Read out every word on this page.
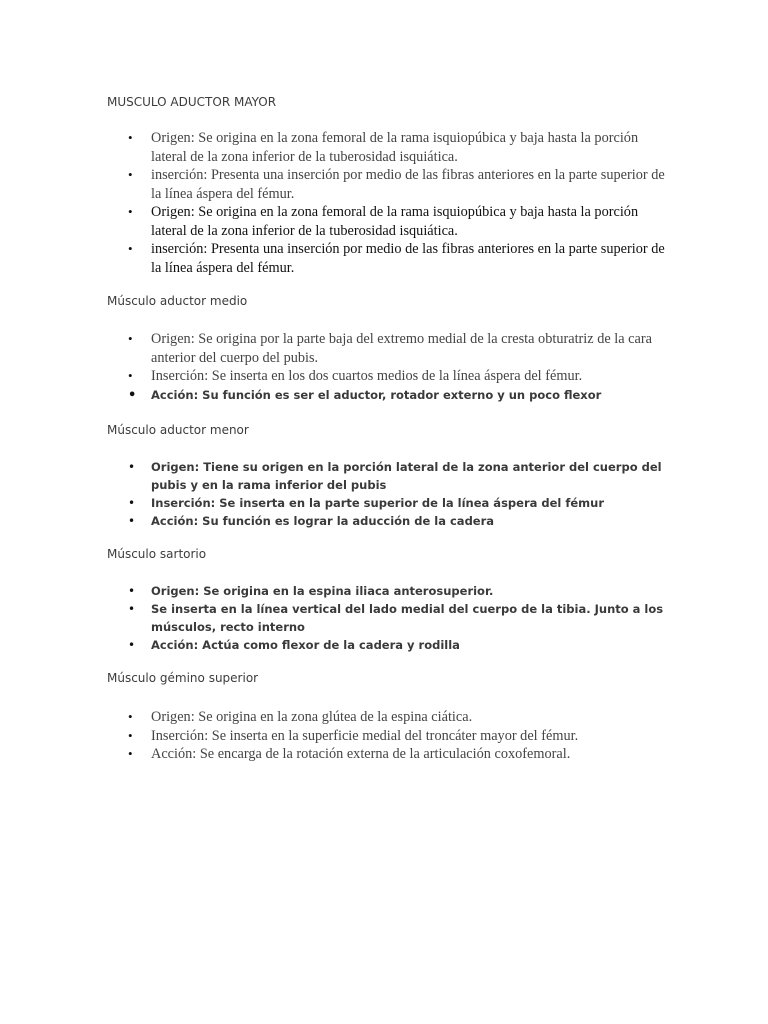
MUSCULO ADUCTOR MAYOR
• Origen: Se origina en la zona femoral de la rama isquiopúbica y baja hasta la porción lateral de la zona inferior de la tuberosidad isquiática.
• inserción: Presenta una inserción por medio de las fibras anteriores en la parte superior de la línea áspera del fémur.
• Origen: Se origina en la zona femoral de la rama isquiopúbica y baja hasta la porción lateral de la zona inferior de la tuberosidad isquiática.
• inserción: Presenta una inserción por medio de las fibras anteriores en la parte superior de la línea áspera del fémur.
Músculo aductor medio
• Origen: Se origina por la parte baja del extremo medial de la cresta obturatriz de la cara anterior del cuerpo del pubis.
• Inserción: Se inserta en los dos cuartos medios de la línea áspera del fémur.
• Acción: Su función es ser el aductor, rotador externo y un poco flexor
Músculo aductor menor
• Origen: Tiene su origen en la porción lateral de la zona anterior del cuerpo del pubis y en la rama inferior del pubis
• Inserción: Se inserta en la parte superior de la línea áspera del fémur
• Acción: Su función es lograr la aducción de la cadera
Músculo sartorio
• Origen: Se origina en la espina iliaca anterosuperior.
• Se inserta en la línea vertical del lado medial del cuerpo de la tibia. Junto a los músculos, recto interno
• Acción: Actúa como flexor de la cadera y rodilla
Músculo gémino superior
• Origen: Se origina en la zona glútea de la espina ciática.
• Inserción: Se inserta en la superficie medial del troncáter mayor del fémur.
• Acción: Se encarga de la rotación externa de la articulación coxofemoral.
